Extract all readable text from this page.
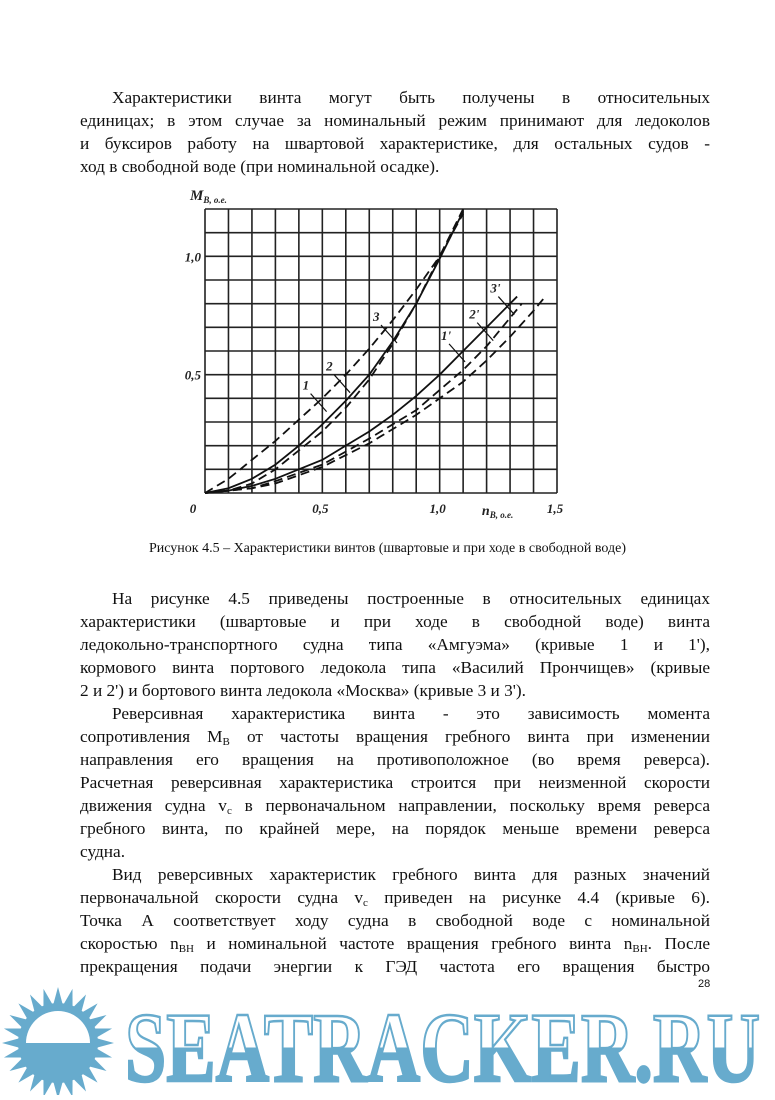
Характеристики винта могут быть получены в относительных
единицах; в этом случае за номинальный режим принимают для ледоколов
и буксиров работу на швартовой характеристике, для остальных судов -
ход в свободной воде (при номинальной осадке).
На рисунке 4.5 приведены построенные в относительных единицах
характеристики (швартовые и при ходе в свободной воде) винта
ледокольно-транспортного судна типа «Амгуэма» (кривые 1 и 1'),
кормового винта портового ледокола типа «Василий Прончищев» (кривые
2 и 2') и бортового винта ледокола «Москва» (кривые 3 и 3').
Реверсивная характеристика винта - это зависимость момента
сопротивления $M_B$ от частоты вращения гребного винта при изменении
направления его вращения на противоположное (во время реверса).
Расчетная реверсивная характеристика строится при неизменной скорости
движения судна $v_c$ в первоначальном направлении, поскольку время реверса
гребного винта, по крайней мере, на порядок меньше времени реверса
судна.
Вид реверсивных характеристик гребного винта для разных значений
первоначальной скорости судна $v_c$ приведен на рисунке 4.4 (кривые 6).
Точка А соответствует ходу судна в свободной воде с номинальной
скоростью $n_{ВН}$ и номинальной частоте вращения гребного винта $n_{ВН}$. После
прекращения подачи энергии к ГЭД частота его вращения быстро
0	0,5	1,0	1,5
0,5
1,0
$M_{B, о.е.}$
$n_{B, о.е.}$
1
2
3
1'
2'
3'
Рисунок 4.5 – Характеристики винтов (швартовые и при ходе в свободной воде)
28
SEATRACKER.RU
